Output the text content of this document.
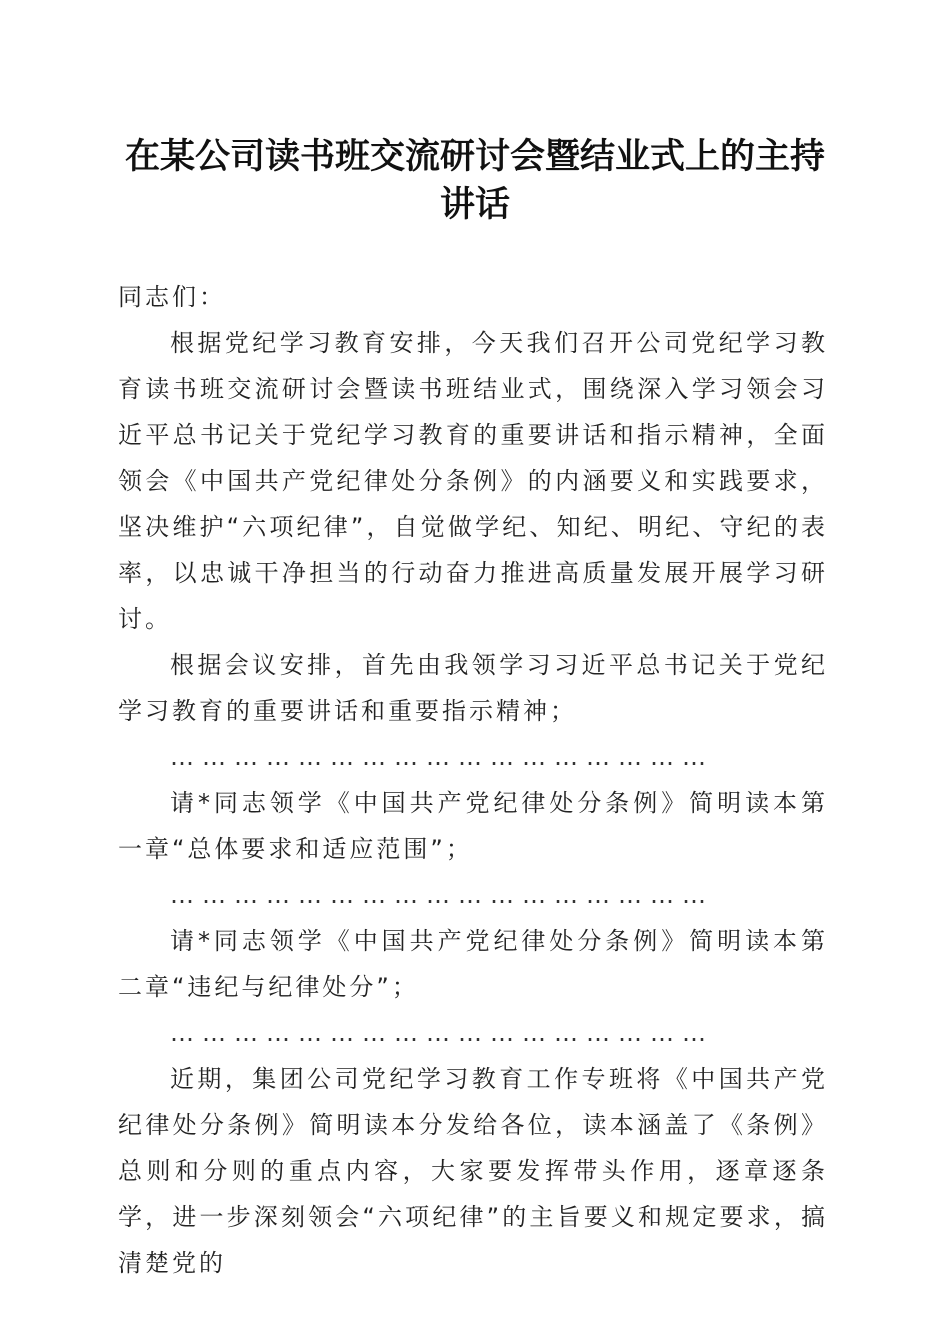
在某公司读书班交流研讨会暨结业式上的主持讲话

同志们：

根据党纪学习教育安排，今天我们召开公司党纪学习教育读书班交流研讨会暨读书班结业式，围绕深入学习领会习近平总书记关于党纪学习教育的重要讲话和指示精神，全面领会《中国共产党纪律处分条例》的内涵要义和实践要求，坚决维护“六项纪律”，自觉做学纪、知纪、明纪、守纪的表率，以忠诚干净担当的行动奋力推进高质量发展开展学习研讨。

根据会议安排，首先由我领学习习近平总书记关于党纪学习教育的重要讲话和重要指示精神；

……………………………………………

请*同志领学《中国共产党纪律处分条例》简明读本第一章“总体要求和适应范围”；

……………………………………………

请*同志领学《中国共产党纪律处分条例》简明读本第二章“违纪与纪律处分”；

……………………………………………

近期，集团公司党纪学习教育工作专班将《中国共产党纪律处分条例》简明读本分发给各位，读本涵盖了《条例》总则和分则的重点内容，大家要发挥带头作用，逐章逐条学，进一步深刻领会“六项纪律”的主旨要义和规定要求，搞清楚党的
